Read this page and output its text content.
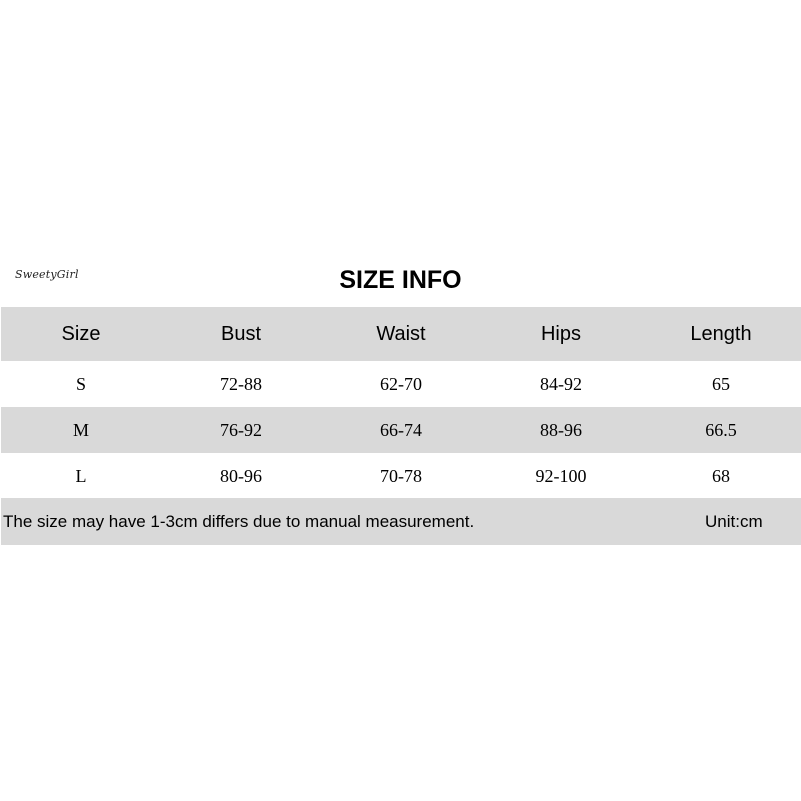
SweetyGirl	SIZE INFO
Size	Bust	Waist	Hips	Length
S	72-88	62-70	84-92	65
M	76-92	66-74	88-96	66.5
L	80-96	70-78	92-100	68
The size may have 1-3cm differs due to manual measurement.	Unit:cm
